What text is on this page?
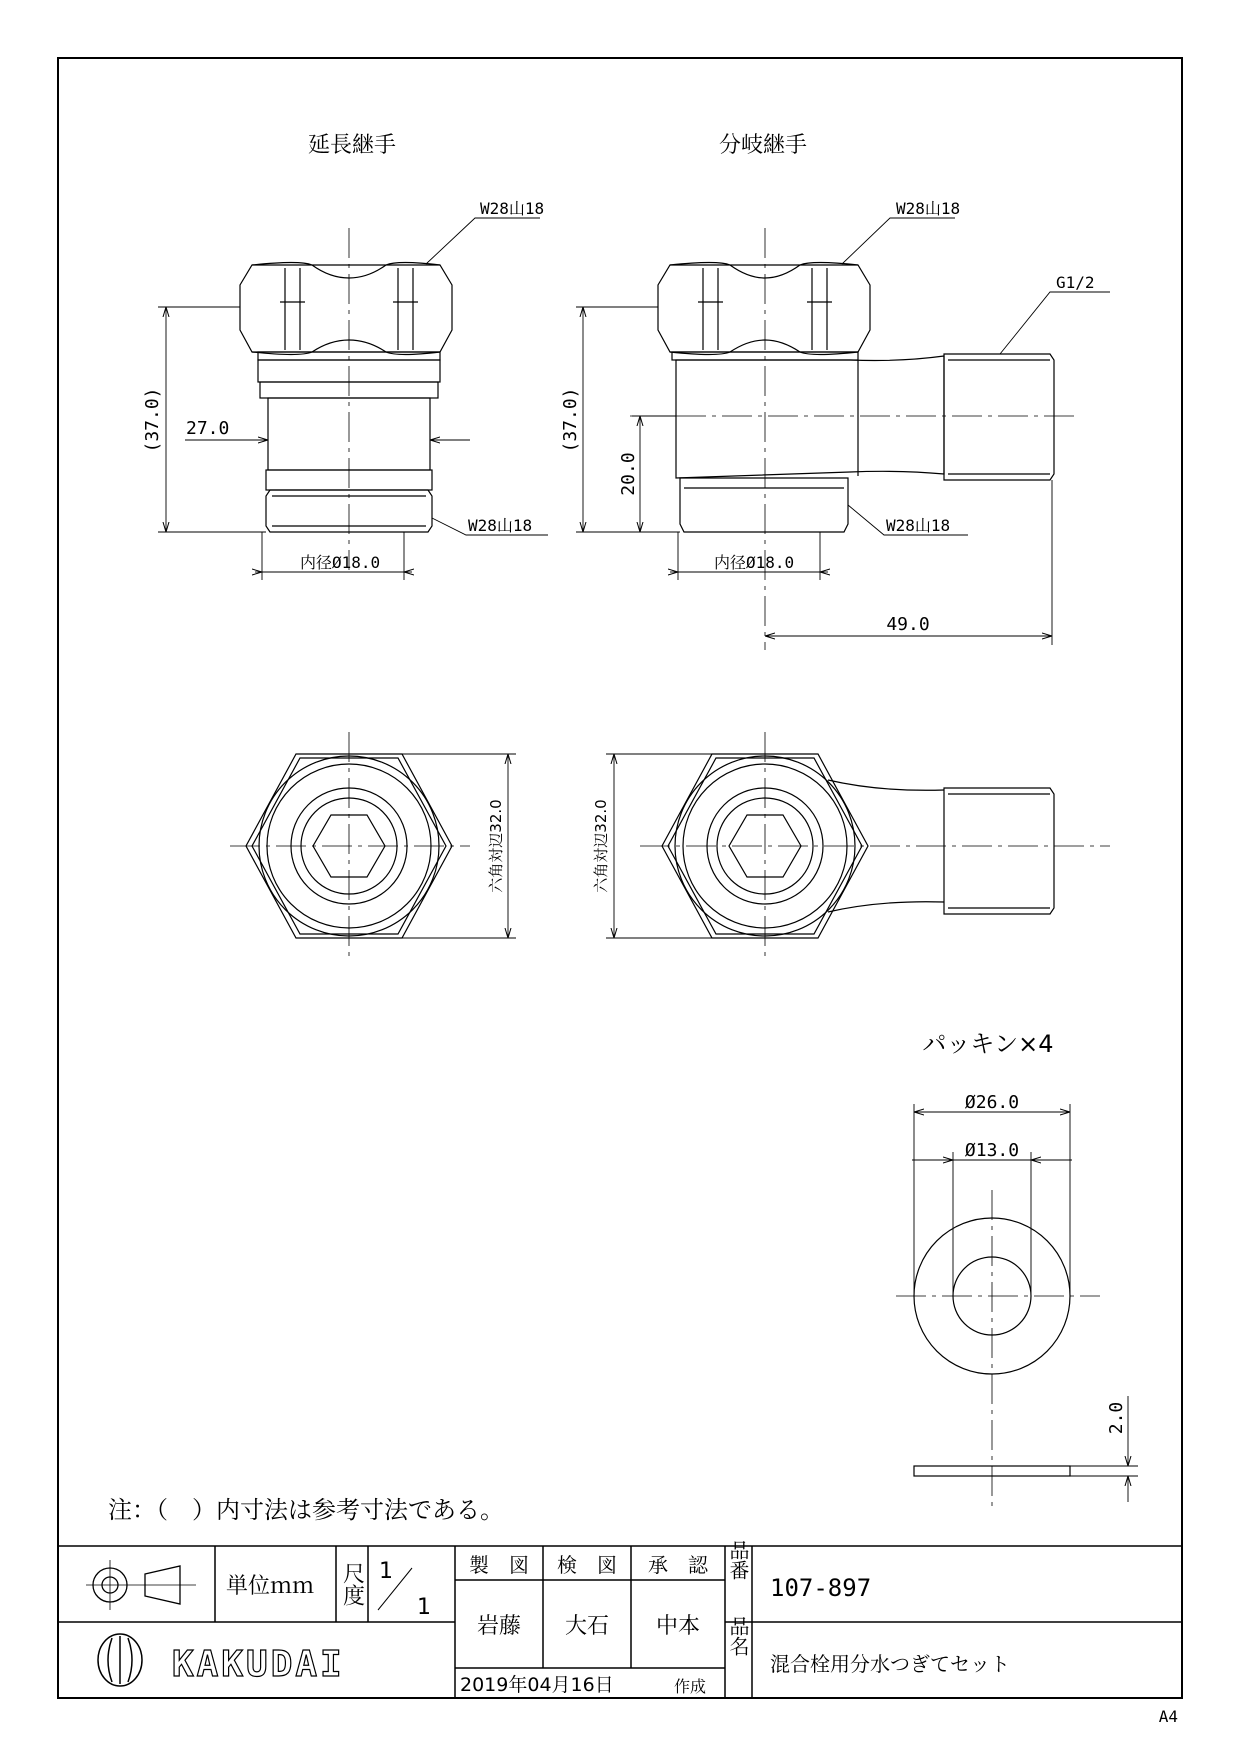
延長継手
W28山18
W28山18
(37.0) 27.0
内径Ø18.0
分岐継手
W28山18
G1/2
W28山18
(37.0)
20.0
内径Ø18.0
49.0
六角対辺32.0	六角対辺32.0
パッキン×4
Ø26.0
Ø13.0
2.0
注：（　）内寸法は参考寸法である。
単位ｍｍ 尺度 1
1
製　図 検　図 承　認
岩藤 大石 中本
2019年04月16日	作成
品番
107-897
品名
混合栓用分水つぎてセット
KAKUDAI
A4
